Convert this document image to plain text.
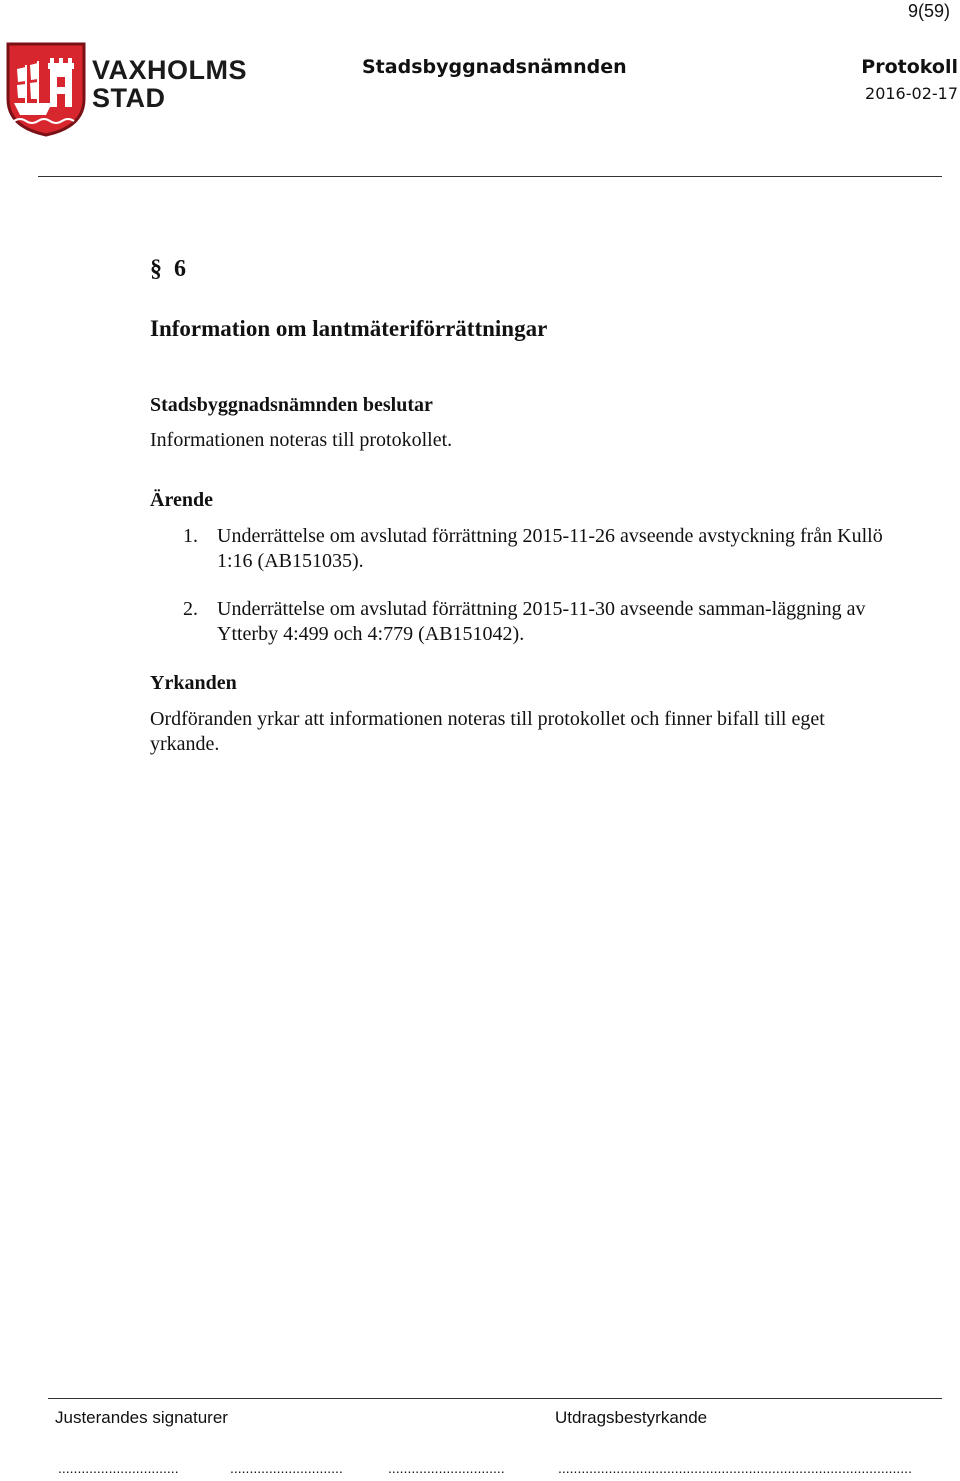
9(59)
VAXHOLMS
STAD
Stadsbyggnadsnämnden	Protokoll
2016-02-17
§ 6
Information om lantmäteriförrättningar
Stadsbyggnadsnämnden beslutar
Informationen noteras till protokollet.
Ärende
1. Underrättelse om avslutad förrättning 2015-11-26 avseende avstyckning från Kullö 1:16 (AB151035).
2. Underrättelse om avslutad förrättning 2015-11-30 avseende samman-läggning av Ytterby 4:499 och 4:779 (AB151042).
Yrkanden
Ordföranden yrkar att informationen noteras till protokollet och finner bifall till eget yrkande.
Justerandes signaturer	Utdragsbestyrkande
...............................	.............................	..............................	...........................................................................................
